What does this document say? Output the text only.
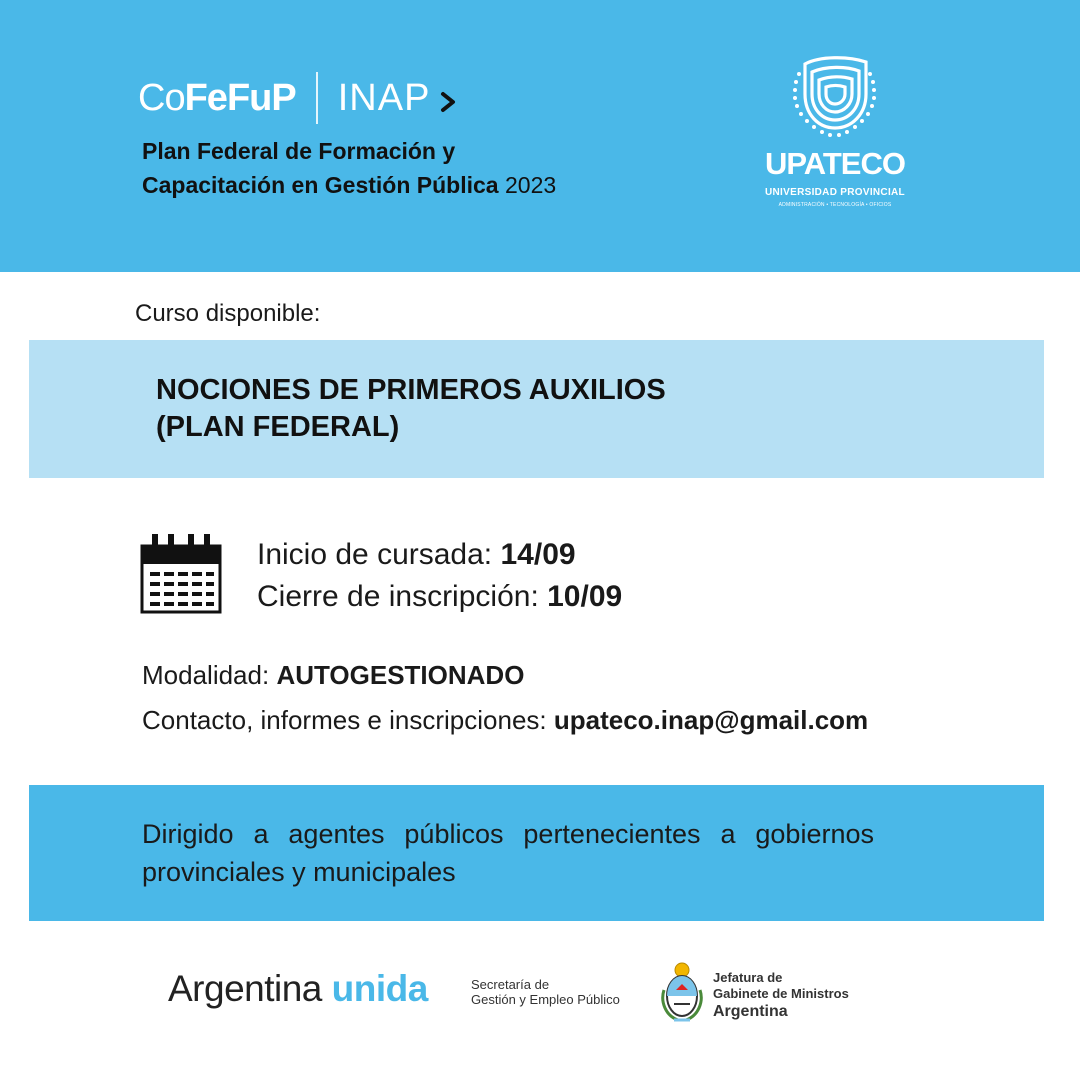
CoFeFuP INAP
Plan Federal de Formación y
Capacitación en Gestión Pública 2023
UPATECO
UNIVERSIDAD PROVINCIAL
ADMINISTRACIÓN • TECNOLOGÍA • OFICIOS
Curso disponible:
NOCIONES DE PRIMEROS AUXILIOS
(PLAN FEDERAL)
Inicio de cursada: 14/09
Cierre de inscripción: 10/09
Modalidad: AUTOGESTIONADO
Contacto, informes e inscripciones: upateco.inap@gmail.com
Dirigido a agentes públicos pertenecientes a gobiernos provinciales y municipales
Argentina unida	Secretaría de
Gestión y Empleo Público
Jefatura de
Gabinete de Ministros
Argentina
